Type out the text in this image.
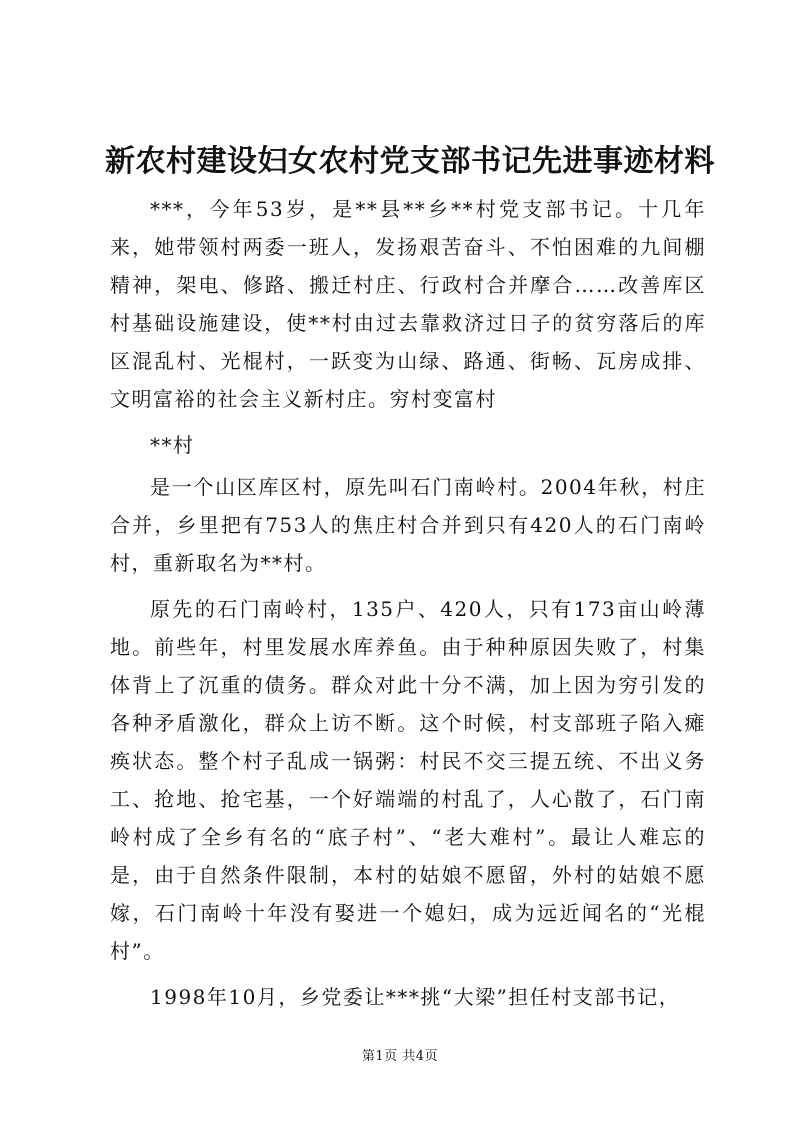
新农村建设妇女农村党支部书记先进事迹材料

***，今年53岁，是**县**乡**村党支部书记。十几年来，她带领村两委一班人，发扬艰苦奋斗、不怕困难的九间棚精神，架电、修路、搬迁村庄、行政村合并摩合……改善库区村基础设施建设，使**村由过去靠救济过日子的贫穷落后的库区混乱村、光棍村，一跃变为山绿、路通、街畅、瓦房成排、文明富裕的社会主义新村庄。穷村变富村

**村

是一个山区库区村，原先叫石门南岭村。2004年秋，村庄合并，乡里把有753人的焦庄村合并到只有420人的石门南岭村，重新取名为**村。

原先的石门南岭村，135户、420人，只有173亩山岭薄地。前些年，村里发展水库养鱼。由于种种原因失败了，村集体背上了沉重的债务。群众对此十分不满，加上因为穷引发的各种矛盾激化，群众上访不断。这个时候，村支部班子陷入瘫痪状态。整个村子乱成一锅粥：村民不交三提五统、不出义务工、抢地、抢宅基，一个好端端的村乱了，人心散了，石门南岭村成了全乡有名的“底子村”、“老大难村”。最让人难忘的是，由于自然条件限制，本村的姑娘不愿留，外村的姑娘不愿嫁，石门南岭十年没有娶进一个媳妇，成为远近闻名的“光棍村”。

1998年10月，乡党委让***挑“大梁”担任村支部书记，

第1页 共4页
